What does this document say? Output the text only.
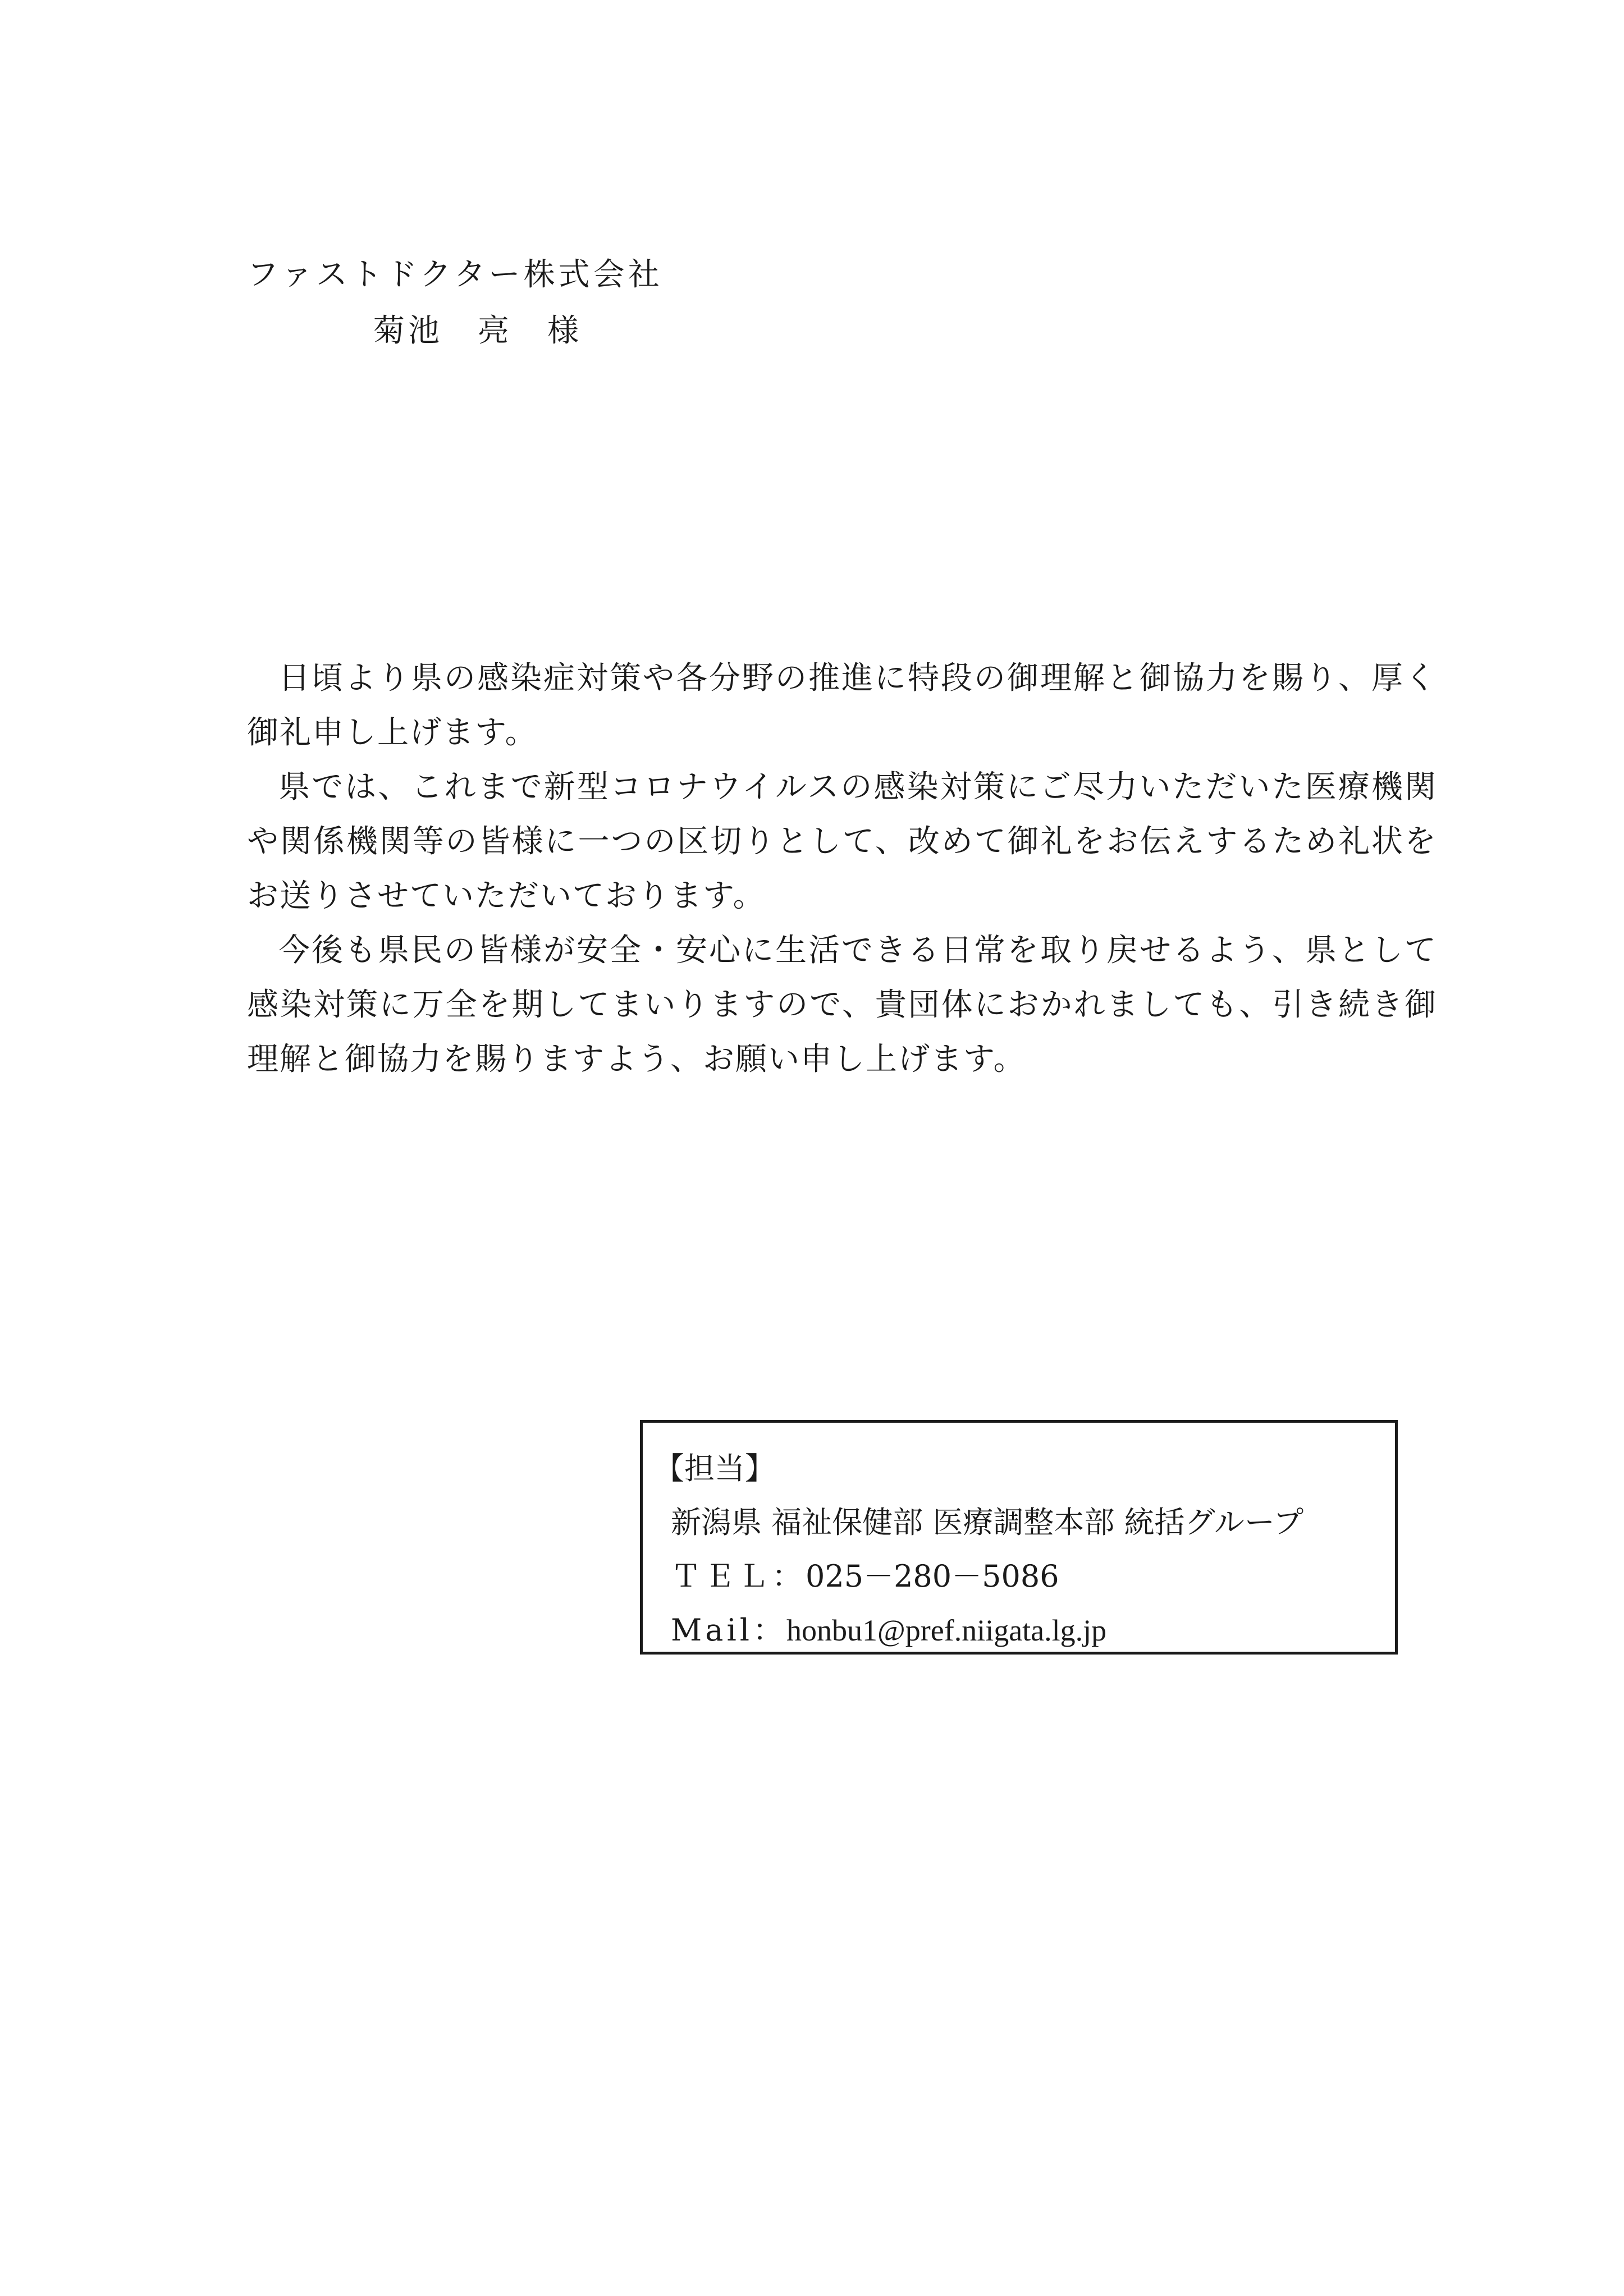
ファストドクター株式会社
菊池　亮　様

日頃より県の感染症対策や各分野の推進に特段の御理解と御協力を賜り、厚く御礼申し上げます。

県では、これまで新型コロナウイルスの感染対策にご尽力いただいた医療機関や関係機関等の皆様に一つの区切りとして、改めて御礼をお伝えするため礼状をお送りさせていただいております。

今後も県民の皆様が安全・安心に生活できる日常を取り戻せるよう、県として感染対策に万全を期してまいりますので、貴団体におかれましても、引き続き御理解と御協力を賜りますよう、お願い申し上げます。

【担当】
新潟県 福祉保健部 医療調整本部 統括グループ
ＴＥＬ：025－280－5086
Mail：honbu1@pref.niigata.lg.jp
